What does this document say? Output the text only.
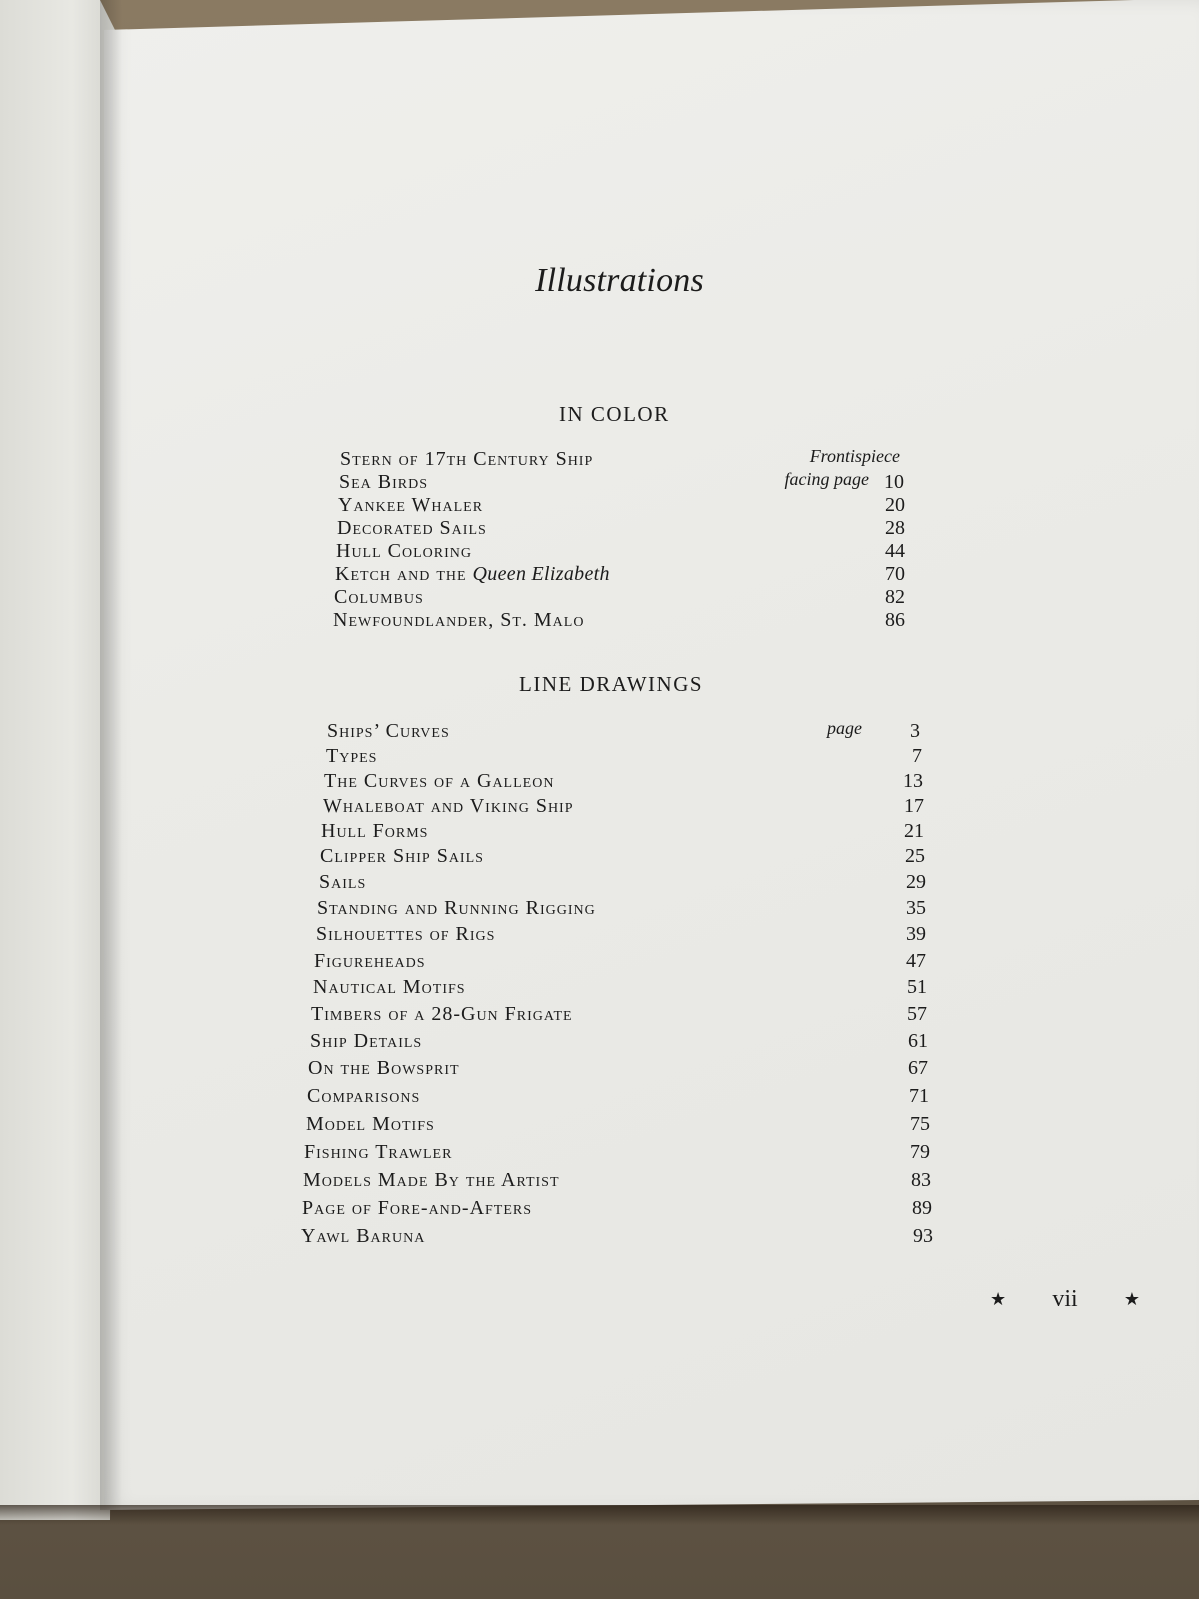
Illustrations
IN COLOR
Stern of 17th Century Ship	Frontispiece
Sea Birds	facing page 10
Yankee Whaler	20
Decorated Sails	28
Hull Coloring	44
Ketch and the Queen Elizabeth	70
Columbus	82
Newfoundlander, St. Malo	86
LINE DRAWINGS
Ships’ Curves	page	3
Types	7
The Curves of a Galleon	13
Whaleboat and Viking Ship	17
Hull Forms	21
Clipper Ship Sails	25
Sails	29
Standing and Running Rigging	35
Silhouettes of Rigs	39
Figureheads	47
Nautical Motifs	51
Timbers of a 28-Gun Frigate	57
Ship Details	61
On the Bowsprit	67
Comparisons	71
Model Motifs	75
Fishing Trawler	79
Models Made By the Artist	83
Page of Fore-and-Afters	89
Yawl Baruna	93
★ vii	★
